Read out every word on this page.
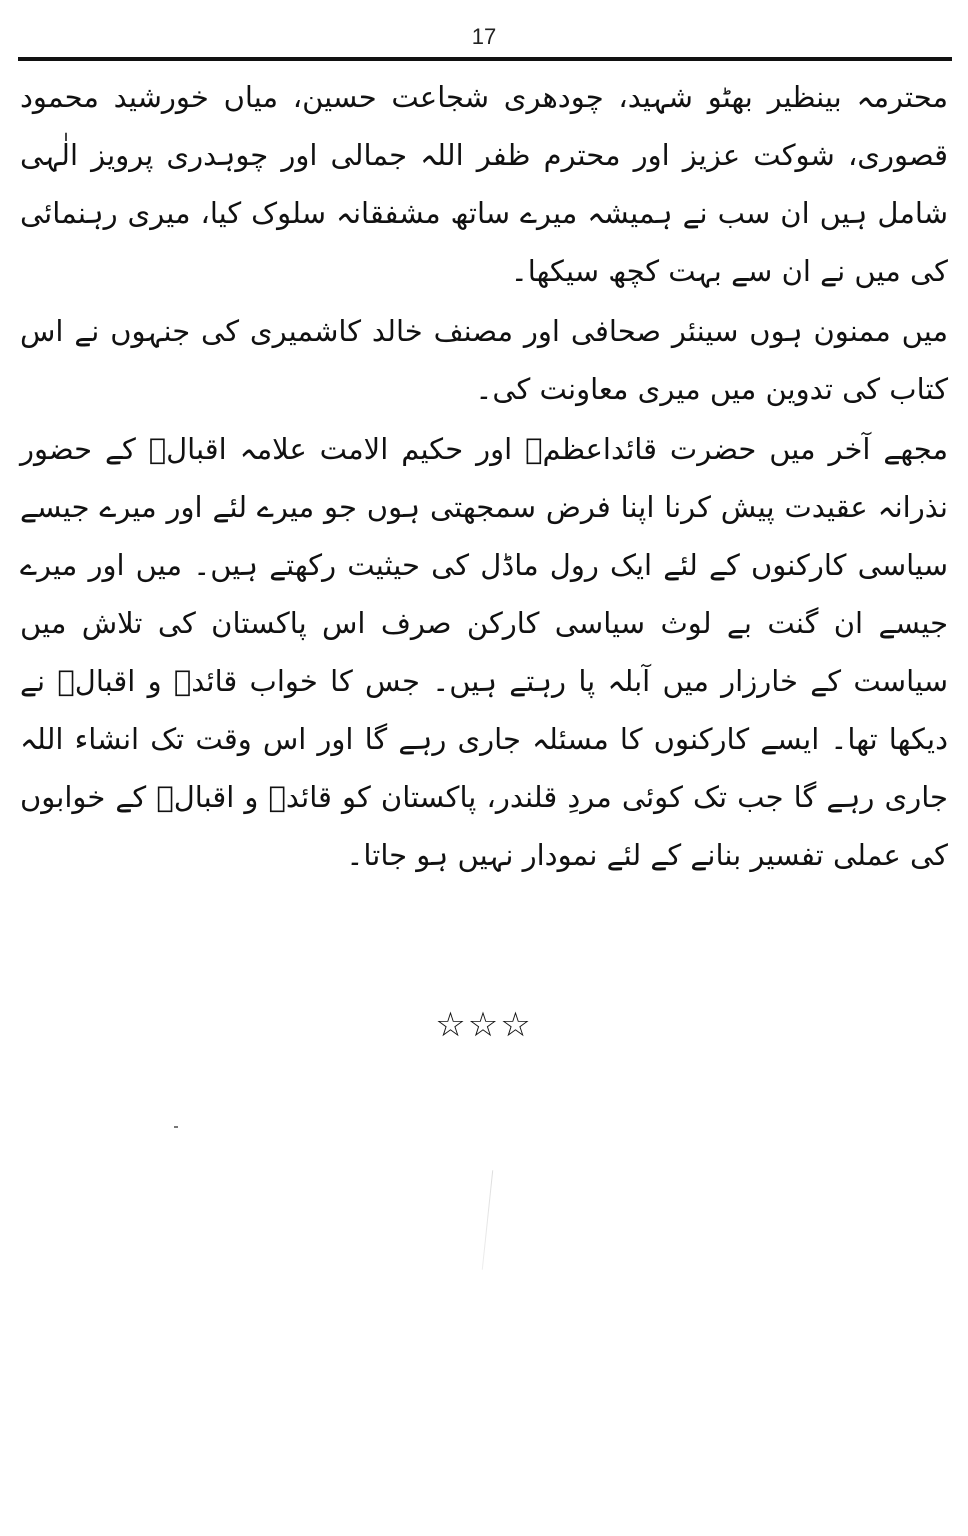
17

محترمہ بینظیر بھٹو شہید، چودھری شجاعت حسین، میاں خورشید محمود قصوری، شوکت عزیز اور محترم ظفر اللہ جمالی اور چوہدری پرویز الٰہی شامل ہیں ان سب نے ہمیشہ میرے ساتھ مشفقانہ سلوک کیا، میری رہنمائی کی میں نے ان سے بہت کچھ سیکھا۔

میں ممنون ہوں سینئر صحافی اور مصنف خالد کاشمیری کی جنہوں نے اس کتاب کی تدوین میں میری معاونت کی۔

مجھے آخر میں حضرت قائداعظمؒ اور حکیم الامت علامہ اقبالؒ کے حضور نذرانہ عقیدت پیش کرنا اپنا فرض سمجھتی ہوں جو میرے لئے اور میرے جیسے سیاسی کارکنوں کے لئے ایک رول ماڈل کی حیثیت رکھتے ہیں۔ میں اور میرے جیسے ان گنت بے لوث سیاسی کارکن صرف اس پاکستان کی تلاش میں سیاست کے خارزار میں آبلہ پا رہتے ہیں۔ جس کا خواب قائدؒ و اقبالؒ نے دیکھا تھا۔ ایسے کارکنوں کا مسئلہ جاری رہے گا اور اس وقت تک انشاء اللہ جاری رہے گا جب تک کوئی مردِ قلندر، پاکستان کو قائدؒ و اقبالؒ کے خوابوں کی عملی تفسیر بنانے کے لئے نمودار نہیں ہو جاتا۔

☆☆☆
